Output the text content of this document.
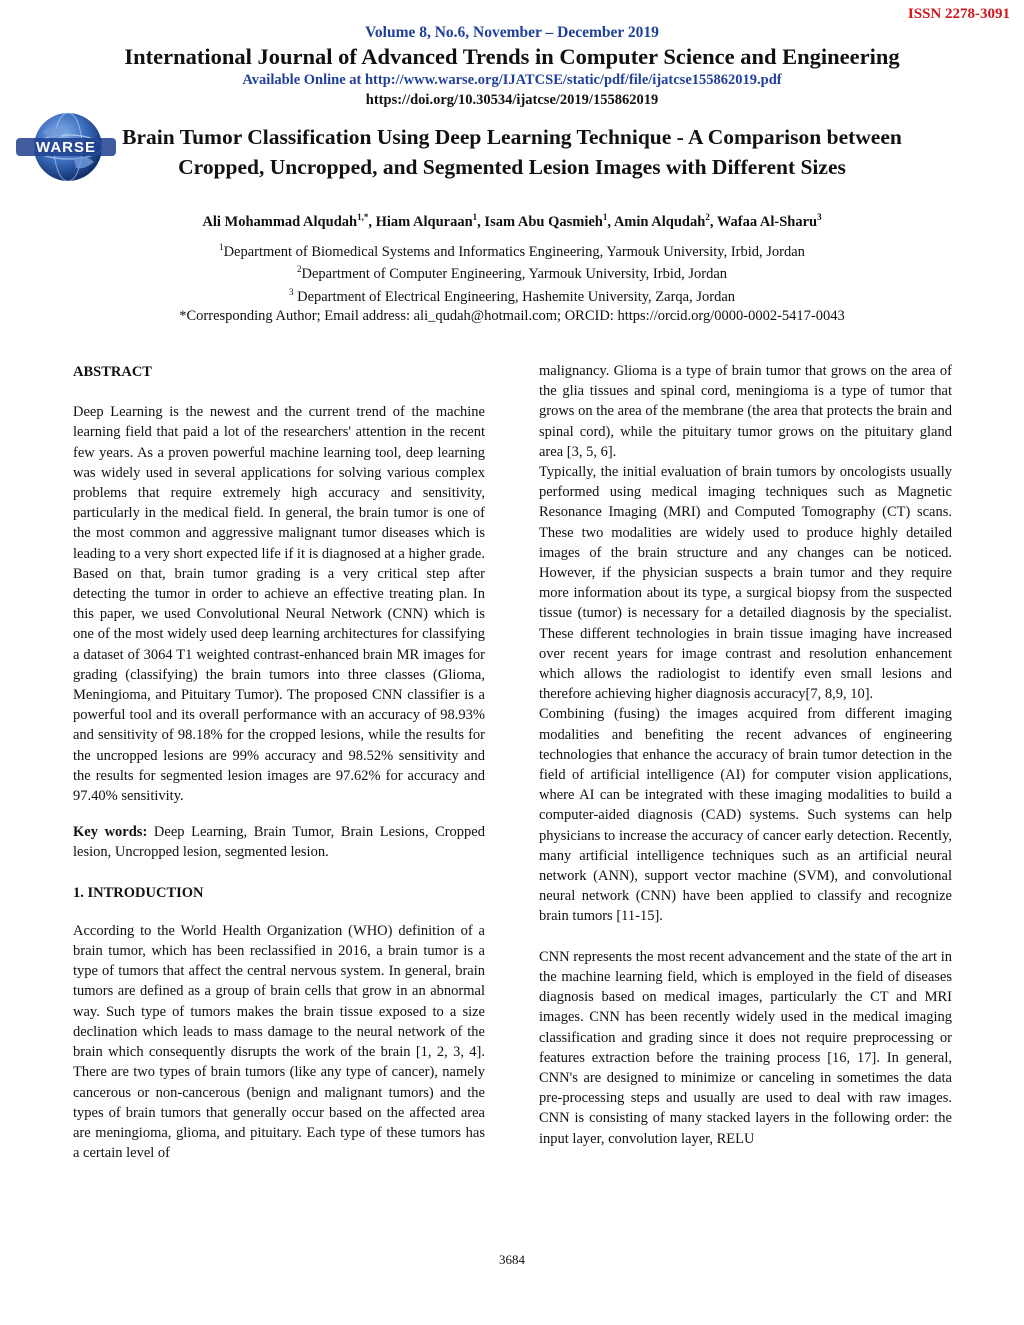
ISSN 2278-3091
Volume 8, No.6, November – December 2019
International Journal of Advanced Trends in Computer Science and Engineering
Available Online at http://www.warse.org/IJATCSE/static/pdf/file/ijatcse155862019.pdf
https://doi.org/10.30534/ijatcse/2019/155862019
WARSE	Brain Tumor Classification Using Deep Learning Technique - A Comparison between Cropped, Uncropped, and Segmented Lesion Images with Different Sizes
Ali Mohammad Alqudah$^{1,*}$, Hiam Alquraan$^1$, Isam Abu Qasmieh$^1$, Amin Alqudah$^2$, Wafaa Al-Sharu$^3$
$^1$Department of Biomedical Systems and Informatics Engineering, Yarmouk University, Irbid, Jordan
$^2$Department of Computer Engineering, Yarmouk University, Irbid, Jordan
$^3$ Department of Electrical Engineering, Hashemite University, Zarqa, Jordan
*Corresponding Author; Email address: ali_qudah@hotmail.com; ORCID: https://orcid.org/0000-0002-5417-0043

ABSTRACT

Deep Learning is the newest and the current trend of the machine learning field that paid a lot of the researchers' attention in the recent few years. As a proven powerful machine learning tool, deep learning was widely used in several applications for solving various complex problems that require extremely high accuracy and sensitivity, particularly in the medical field. In general, the brain tumor is one of the most common and aggressive malignant tumor diseases which is leading to a very short expected life if it is diagnosed at a higher grade. Based on that, brain tumor grading is a very critical step after detecting the tumor in order to achieve an effective treating plan. In this paper, we used Convolutional Neural Network (CNN) which is one of the most widely used deep learning architectures for classifying a dataset of 3064 T1 weighted contrast-enhanced brain MR images for grading (classifying) the brain tumors into three classes (Glioma, Meningioma, and Pituitary Tumor). The proposed CNN classifier is a powerful tool and its overall performance with an accuracy of 98.93% and sensitivity of 98.18% for the cropped lesions, while the results for the uncropped lesions are 99% accuracy and 98.52% sensitivity and the results for segmented lesion images are 97.62% for accuracy and 97.40% sensitivity.

Key words: Deep Learning, Brain Tumor, Brain Lesions, Cropped lesion, Uncropped lesion, segmented lesion.

1. INTRODUCTION

According to the World Health Organization (WHO) definition of a brain tumor, which has been reclassified in 2016, a brain tumor is a type of tumors that affect the central nervous system. In general, brain tumors are defined as a group of brain cells that grow in an abnormal way. Such type of tumors makes the brain tissue exposed to a size declination which leads to mass damage to the neural network of the brain which consequently disrupts the work of the brain [1, 2, 3, 4]. There are two types of brain tumors (like any type of cancer), namely cancerous or non-cancerous (benign and malignant tumors) and the types of brain tumors that generally occur based on the affected area are meningioma, glioma, and pituitary. Each type of these tumors has a certain level of

malignancy. Glioma is a type of brain tumor that grows on the area of the glia tissues and spinal cord, meningioma is a type of tumor that grows on the area of the membrane (the area that protects the brain and spinal cord), while the pituitary tumor grows on the pituitary gland area [3, 5, 6].

Typically, the initial evaluation of brain tumors by oncologists usually performed using medical imaging techniques such as Magnetic Resonance Imaging (MRI) and Computed Tomography (CT) scans. These two modalities are widely used to produce highly detailed images of the brain structure and any changes can be noticed. However, if the physician suspects a brain tumor and they require more information about its type, a surgical biopsy from the suspected tissue (tumor) is necessary for a detailed diagnosis by the specialist. These different technologies in brain tissue imaging have increased over recent years for image contrast and resolution enhancement which allows the radiologist to identify even small lesions and therefore achieving higher diagnosis accuracy[7, 8,9, 10].

Combining (fusing) the images acquired from different imaging modalities and benefiting the recent advances of engineering technologies that enhance the accuracy of brain tumor detection in the field of artificial intelligence (AI) for computer vision applications, where AI can be integrated with these imaging modalities to build a computer-aided diagnosis (CAD) systems. Such systems can help physicians to increase the accuracy of cancer early detection. Recently, many artificial intelligence techniques such as an artificial neural network (ANN), support vector machine (SVM), and convolutional neural network (CNN) have been applied to classify and recognize brain tumors [11-15].

CNN represents the most recent advancement and the state of the art in the machine learning field, which is employed in the field of diseases diagnosis based on medical images, particularly the CT and MRI images. CNN has been recently widely used in the medical imaging classification and grading since it does not require preprocessing or features extraction before the training process [16, 17]. In general, CNN's are designed to minimize or canceling in sometimes the data pre-processing steps and usually are used to deal with raw images. CNN is consisting of many stacked layers in the following order: the input layer, convolution layer, RELU

3684
